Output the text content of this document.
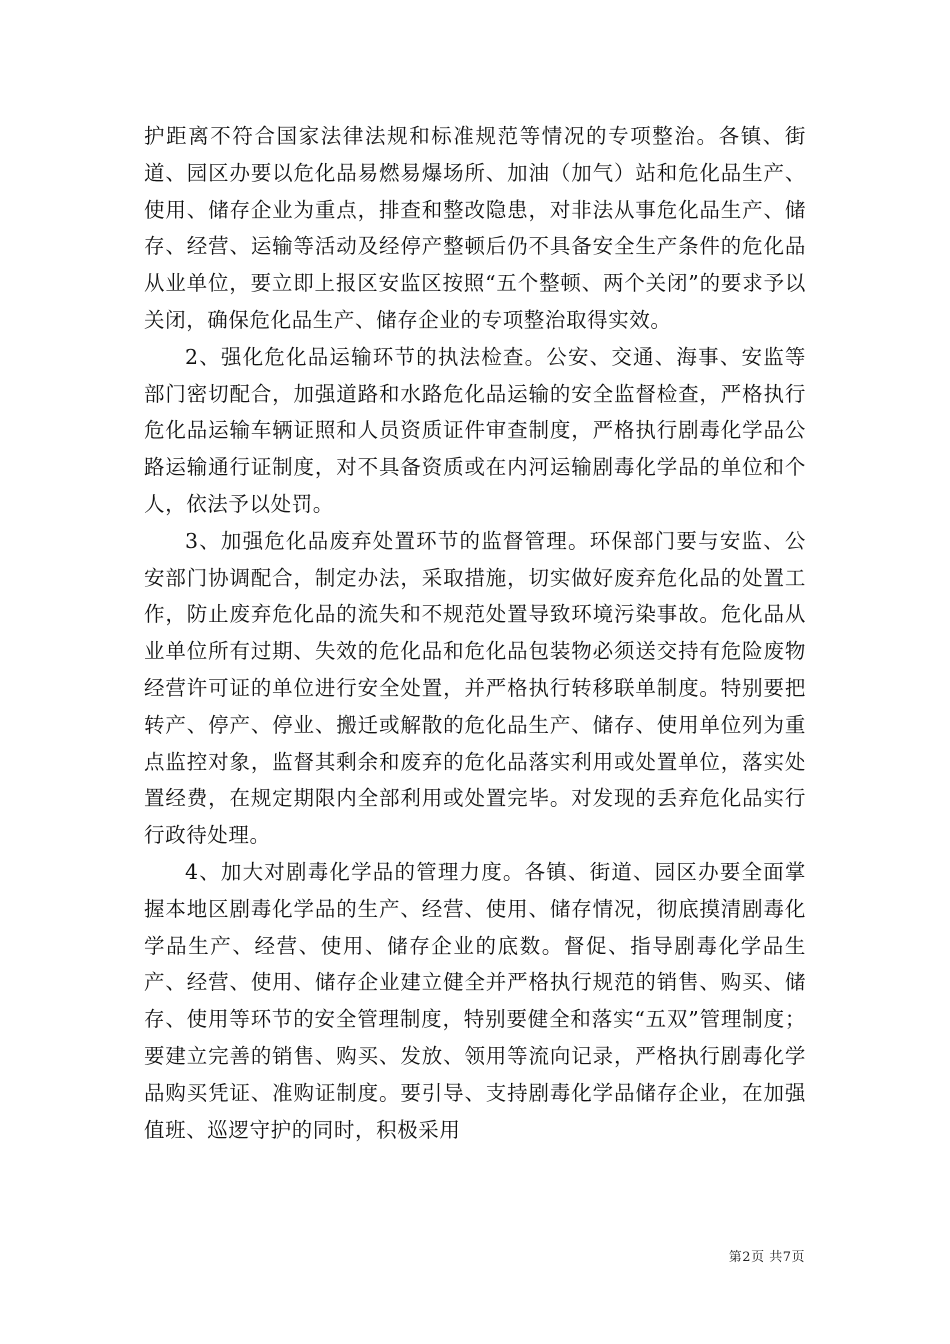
护距离不符合国家法律法规和标准规范等情况的专项整治。各镇、街道、园区办要以危化品易燃易爆场所、加油（加气）站和危化品生产、使用、储存企业为重点，排查和整改隐患，对非法从事危化品生产、储存、经营、运输等活动及经停产整顿后仍不具备安全生产条件的危化品从业单位，要立即上报区安监区按照“五个整顿、两个关闭”的要求予以关闭，确保危化品生产、储存企业的专项整治取得实效。

2、强化危化品运输环节的执法检查。公安、交通、海事、安监等部门密切配合，加强道路和水路危化品运输的安全监督检查，严格执行危化品运输车辆证照和人员资质证件审查制度，严格执行剧毒化学品公路运输通行证制度，对不具备资质或在内河运输剧毒化学品的单位和个人，依法予以处罚。

3、加强危化品废弃处置环节的监督管理。环保部门要与安监、公安部门协调配合，制定办法，采取措施，切实做好废弃危化品的处置工作，防止废弃危化品的流失和不规范处置导致环境污染事故。危化品从业单位所有过期、失效的危化品和危化品包装物必须送交持有危险废物经营许可证的单位进行安全处置，并严格执行转移联单制度。特别要把转产、停产、停业、搬迁或解散的危化品生产、储存、使用单位列为重点监控对象，监督其剩余和废弃的危化品落实利用或处置单位，落实处置经费，在规定期限内全部利用或处置完毕。对发现的丢弃危化品实行行政待处理。

4、加大对剧毒化学品的管理力度。各镇、街道、园区办要全面掌握本地区剧毒化学品的生产、经营、使用、储存情况，彻底摸清剧毒化学品生产、经营、使用、储存企业的底数。督促、指导剧毒化学品生产、经营、使用、储存企业建立健全并严格执行规范的销售、购买、储存、使用等环节的安全管理制度，特别要健全和落实“五双”管理制度；要建立完善的销售、购买、发放、领用等流向记录，严格执行剧毒化学品购买凭证、准购证制度。要引导、支持剧毒化学品储存企业，在加强值班、巡逻守护的同时，积极采用

第2页 共7页
